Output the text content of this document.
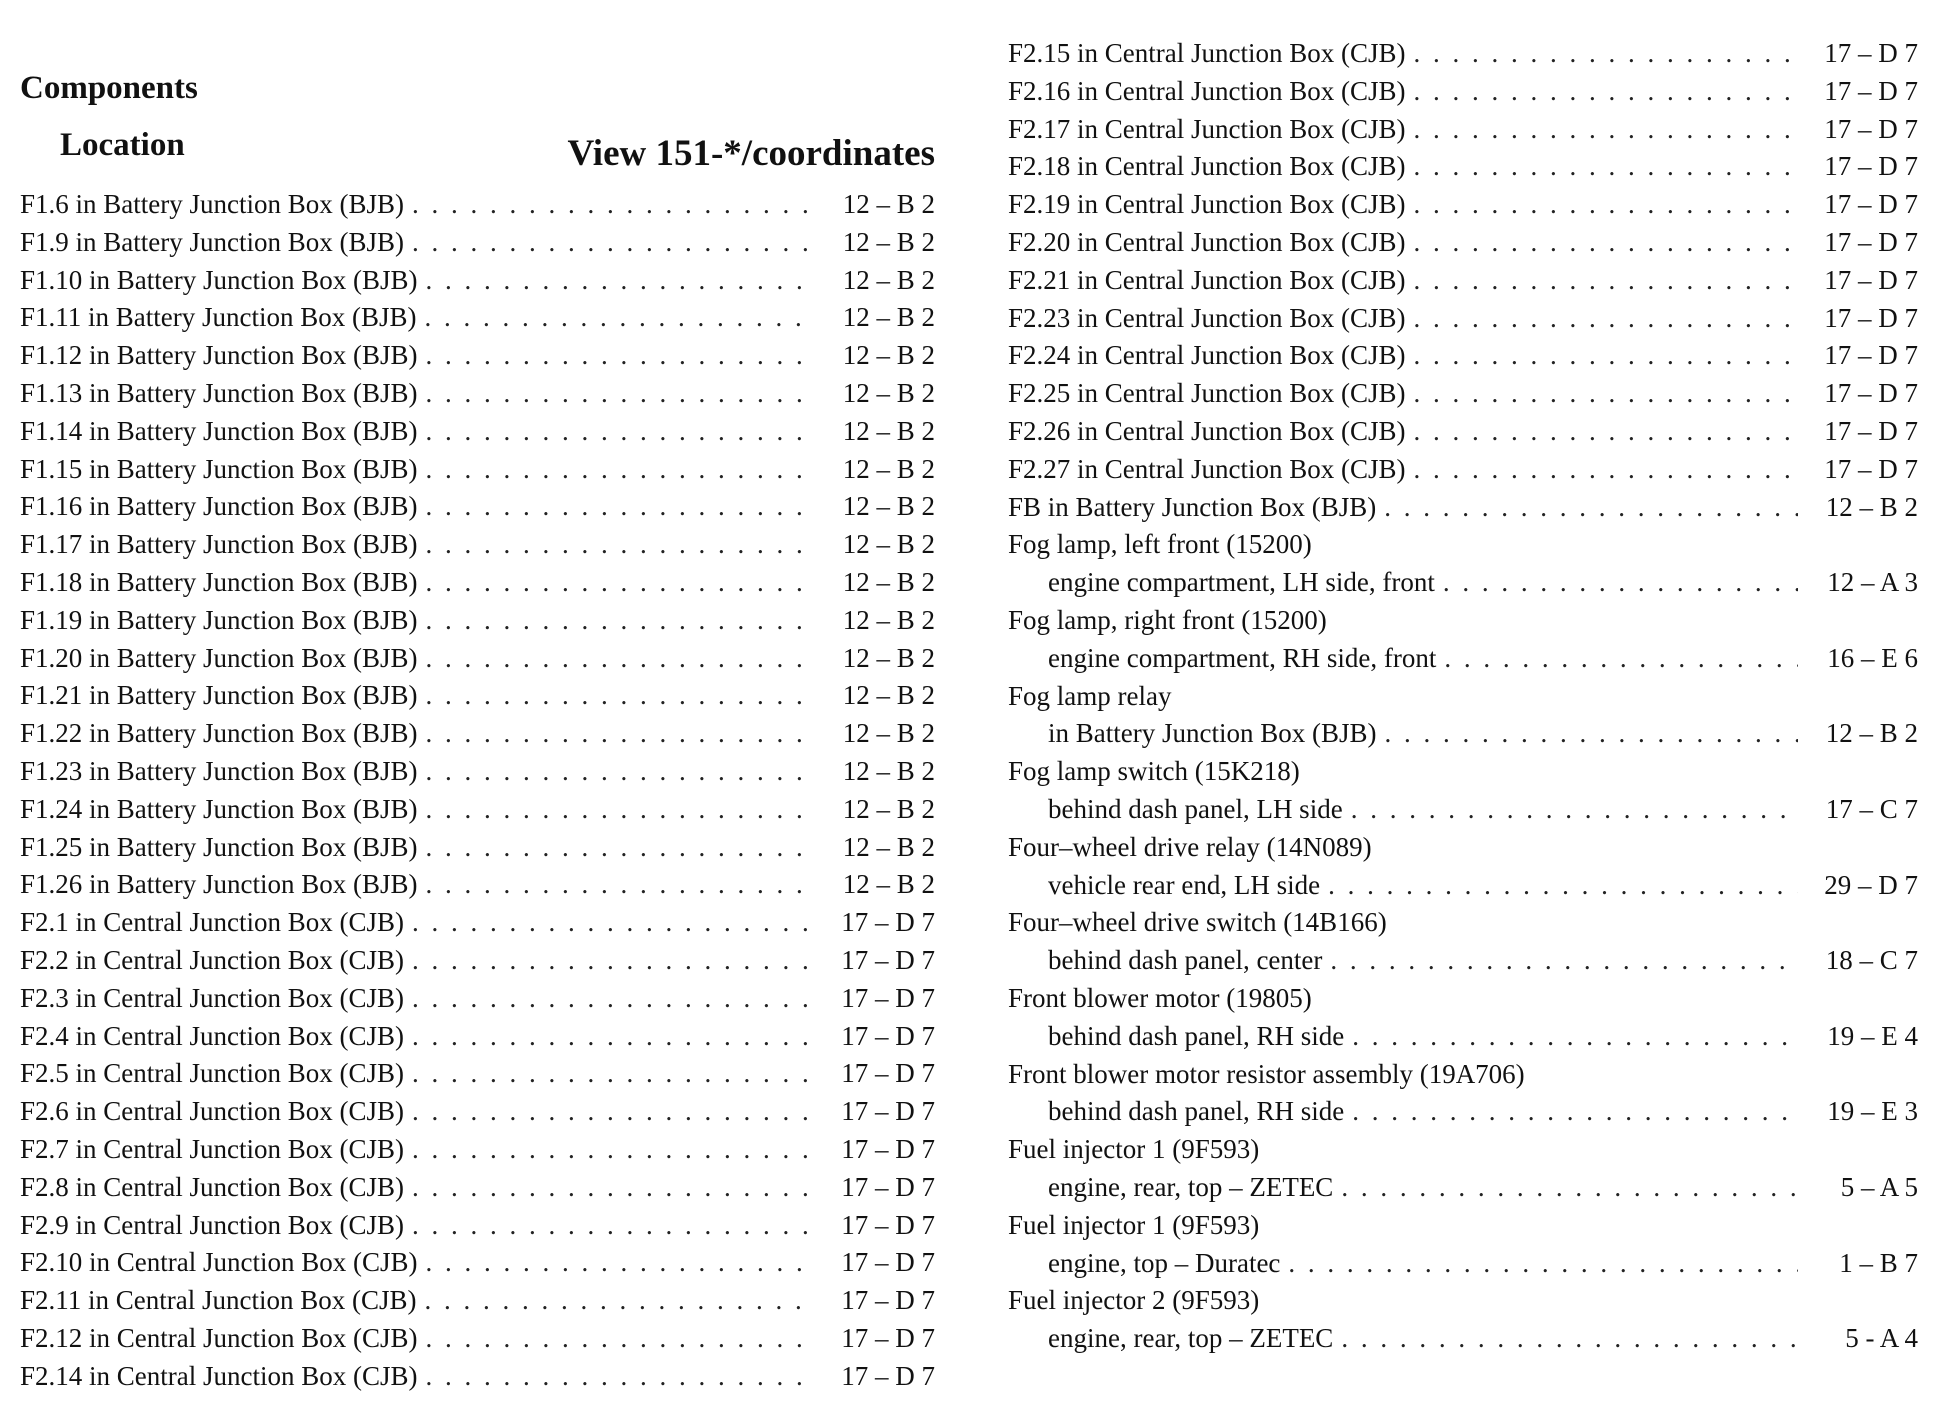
Components
Location	View 151-*/coordinates
F1.6 in Battery Junction Box (BJB) . . .	12 – B 2
F1.9 in Battery Junction Box (BJB) . . .	12 – B 2
F1.10 in Battery Junction Box (BJB) . . .	12 – B 2
F1.11 in Battery Junction Box (BJB) . . .	12 – B 2
F1.12 in Battery Junction Box (BJB) . . .	12 – B 2
F1.13 in Battery Junction Box (BJB) . . .	12 – B 2
F1.14 in Battery Junction Box (BJB) . . .	12 – B 2
F1.15 in Battery Junction Box (BJB) . . .	12 – B 2
F1.16 in Battery Junction Box (BJB) . . .	12 – B 2
F1.17 in Battery Junction Box (BJB) . . .	12 – B 2
F1.18 in Battery Junction Box (BJB) . . .	12 – B 2
F1.19 in Battery Junction Box (BJB) . . .	12 – B 2
F1.20 in Battery Junction Box (BJB) . . .	12 – B 2
F1.21 in Battery Junction Box (BJB) . . .	12 – B 2
F1.22 in Battery Junction Box (BJB) . . .	12 – B 2
F1.23 in Battery Junction Box (BJB) . . .	12 – B 2
F1.24 in Battery Junction Box (BJB) . . .	12 – B 2
F1.25 in Battery Junction Box (BJB) . . .	12 – B 2
F1.26 in Battery Junction Box (BJB) . . .	12 – B 2
F2.1 in Central Junction Box (CJB) . . .	17 – D 7
F2.2 in Central Junction Box (CJB) . . .	17 – D 7
F2.3 in Central Junction Box (CJB) . . .	17 – D 7
F2.4 in Central Junction Box (CJB) . . .	17 – D 7
F2.5 in Central Junction Box (CJB) . . .	17 – D 7
F2.6 in Central Junction Box (CJB) . . .	17 – D 7
F2.7 in Central Junction Box (CJB) . . .	17 – D 7
F2.8 in Central Junction Box (CJB) . . .	17 – D 7
F2.9 in Central Junction Box (CJB) . . .	17 – D 7
F2.10 in Central Junction Box (CJB) . . .	17 – D 7
F2.11 in Central Junction Box (CJB) . . .	17 – D 7
F2.12 in Central Junction Box (CJB) . . .	17 – D 7
F2.14 in Central Junction Box (CJB) . . .	17 – D 7
F2.15 in Central Junction Box (CJB) . . .	17 – D 7
F2.16 in Central Junction Box (CJB) . . .	17 – D 7
F2.17 in Central Junction Box (CJB) . . .	17 – D 7
F2.18 in Central Junction Box (CJB) . . .	17 – D 7
F2.19 in Central Junction Box (CJB) . . .	17 – D 7
F2.20 in Central Junction Box (CJB) . . .	17 – D 7
F2.21 in Central Junction Box (CJB) . . .	17 – D 7
F2.23 in Central Junction Box (CJB) . . .	17 – D 7
F2.24 in Central Junction Box (CJB) . . .	17 – D 7
F2.25 in Central Junction Box (CJB) . . .	17 – D 7
F2.26 in Central Junction Box (CJB) . . .	17 – D 7
F2.27 in Central Junction Box (CJB) . . .	17 – D 7
FB in Battery Junction Box (BJB) . . .	12 – B 2
Fog lamp, left front (15200)
engine compartment, LH side, front . . .	12 – A 3
Fog lamp, right front (15200)
engine compartment, RH side, front . . .	16 – E 6
Fog lamp relay
in Battery Junction Box (BJB) . . .	12 – B 2
Fog lamp switch (15K218)
behind dash panel, LH side . . .	17 – C 7
Four–wheel drive relay (14N089)
vehicle rear end, LH side . . .	29 – D 7
Four–wheel drive switch (14B166)
behind dash panel, center . . .	18 – C 7
Front blower motor (19805)
behind dash panel, RH side . . .	19 – E 4
Front blower motor resistor assembly (19A706)
behind dash panel, RH side . . .	19 – E 3
Fuel injector 1 (9F593)
engine, rear, top – ZETEC . . .	5 – A 5
Fuel injector 1 (9F593)
engine, top – Duratec . . .	1 – B 7
Fuel injector 2 (9F593)
engine, rear, top – ZETEC . . .	5 - A 4
